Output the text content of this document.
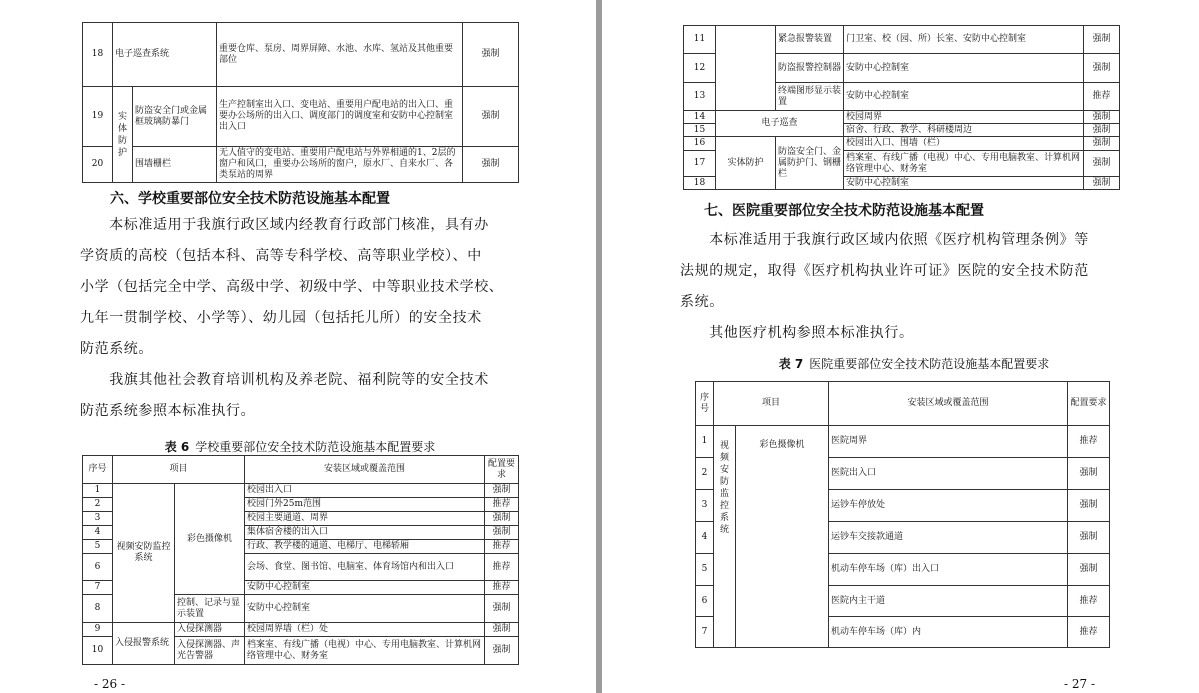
18	电子巡查系统		重要仓库、泵房、周界屏障、水池、水库、氢站及其他重要部位	强制
19	实体防护	防盗安全门或金属框玻璃防暴门	生产控制室出入口、变电站、重要用户配电站的出入口、重要办公场所的出入口、调度部门的调度室和安防中心控制室出入口	强制
20		围墙栅栏	无人值守的变电站、重要用户配电站与外界相通的1、2层的窗户和风口，重要办公场所的窗户，原水厂、自来水厂、各类泵站的周界	强制
六、学校重要部位安全技术防范设施基本配置
　　本标准适用于我旗行政区域内经教育行政部门核准，具有办
学资质的高校（包括本科、高等专科学校、高等职业学校）、中
小学（包括完全中学、高级中学、初级中学、中等职业技术学校、
九年一贯制学校、小学等）、幼儿园（包括托儿所）的安全技术
防范系统。
　　我旗其他社会教育培训机构及养老院、福利院等的安全技术
防范系统参照本标准执行。
表 6 学校重要部位安全技术防范设施基本配置要求
序号	项目		安装区域或覆盖范围	配置要求
1	视频安防监控系统	彩色摄像机	校园出入口	强制
2			校园门外25m范围	推荐
3			校园主要通道、周界	强制
4			集体宿舍楼的出入口	强制
5			行政、教学楼的通道、电梯厅、电梯轿厢	推荐
6			会场、食堂、图书馆、电脑室、体育场馆内和出入口	推荐
7			安防中心控制室	推荐
8		控制、记录与显示装置	安防中心控制室	强制
9	入侵报警系统	入侵探测器	校园周界墙（栏）处	强制
10		入侵探测器、声光告警器	档案室、有线广播（电视）中心、专用电脑教室、计算机网络管理中心、财务室	强制
- 26 -
11		紧急报警装置	门卫室、校（园、所）长室、安防中心控制室	强制
12		防盗报警控制器	安防中心控制室	强制
13		终端图形显示装置	安防中心控制室	推荐
14	电子巡查		校园周界	强制
15			宿舍、行政、教学、科研楼周边	强制
16	实体防护	防盗安全门、金属防护门、钢栅栏	校园出入口、围墙（栏）	强制
17			档案室、有线广播（电视）中心、专用电脑教室、计算机网络管理中心、财务室	强制
18			安防中心控制室	强制
七、医院重要部位安全技术防范设施基本配置
　　本标准适用于我旗行政区域内依照《医疗机构管理条例》等
法规的规定，取得《医疗机构执业许可证》医院的安全技术防范
系统。
　　其他医疗机构参照本标准执行。
表 7 医院重要部位安全技术防范设施基本配置要求
序号	项目		安装区域或覆盖范围	配置要求
1	视频安防监控系统	彩色摄像机	医院周界	推荐
2			医院出入口	强制
3			运钞车停放处	强制
4			运钞车交接款通道	强制
5			机动车停车场（库）出入口	强制
6			医院内主干道	推荐
7			机动车停车场（库）内	推荐
- 27 -
